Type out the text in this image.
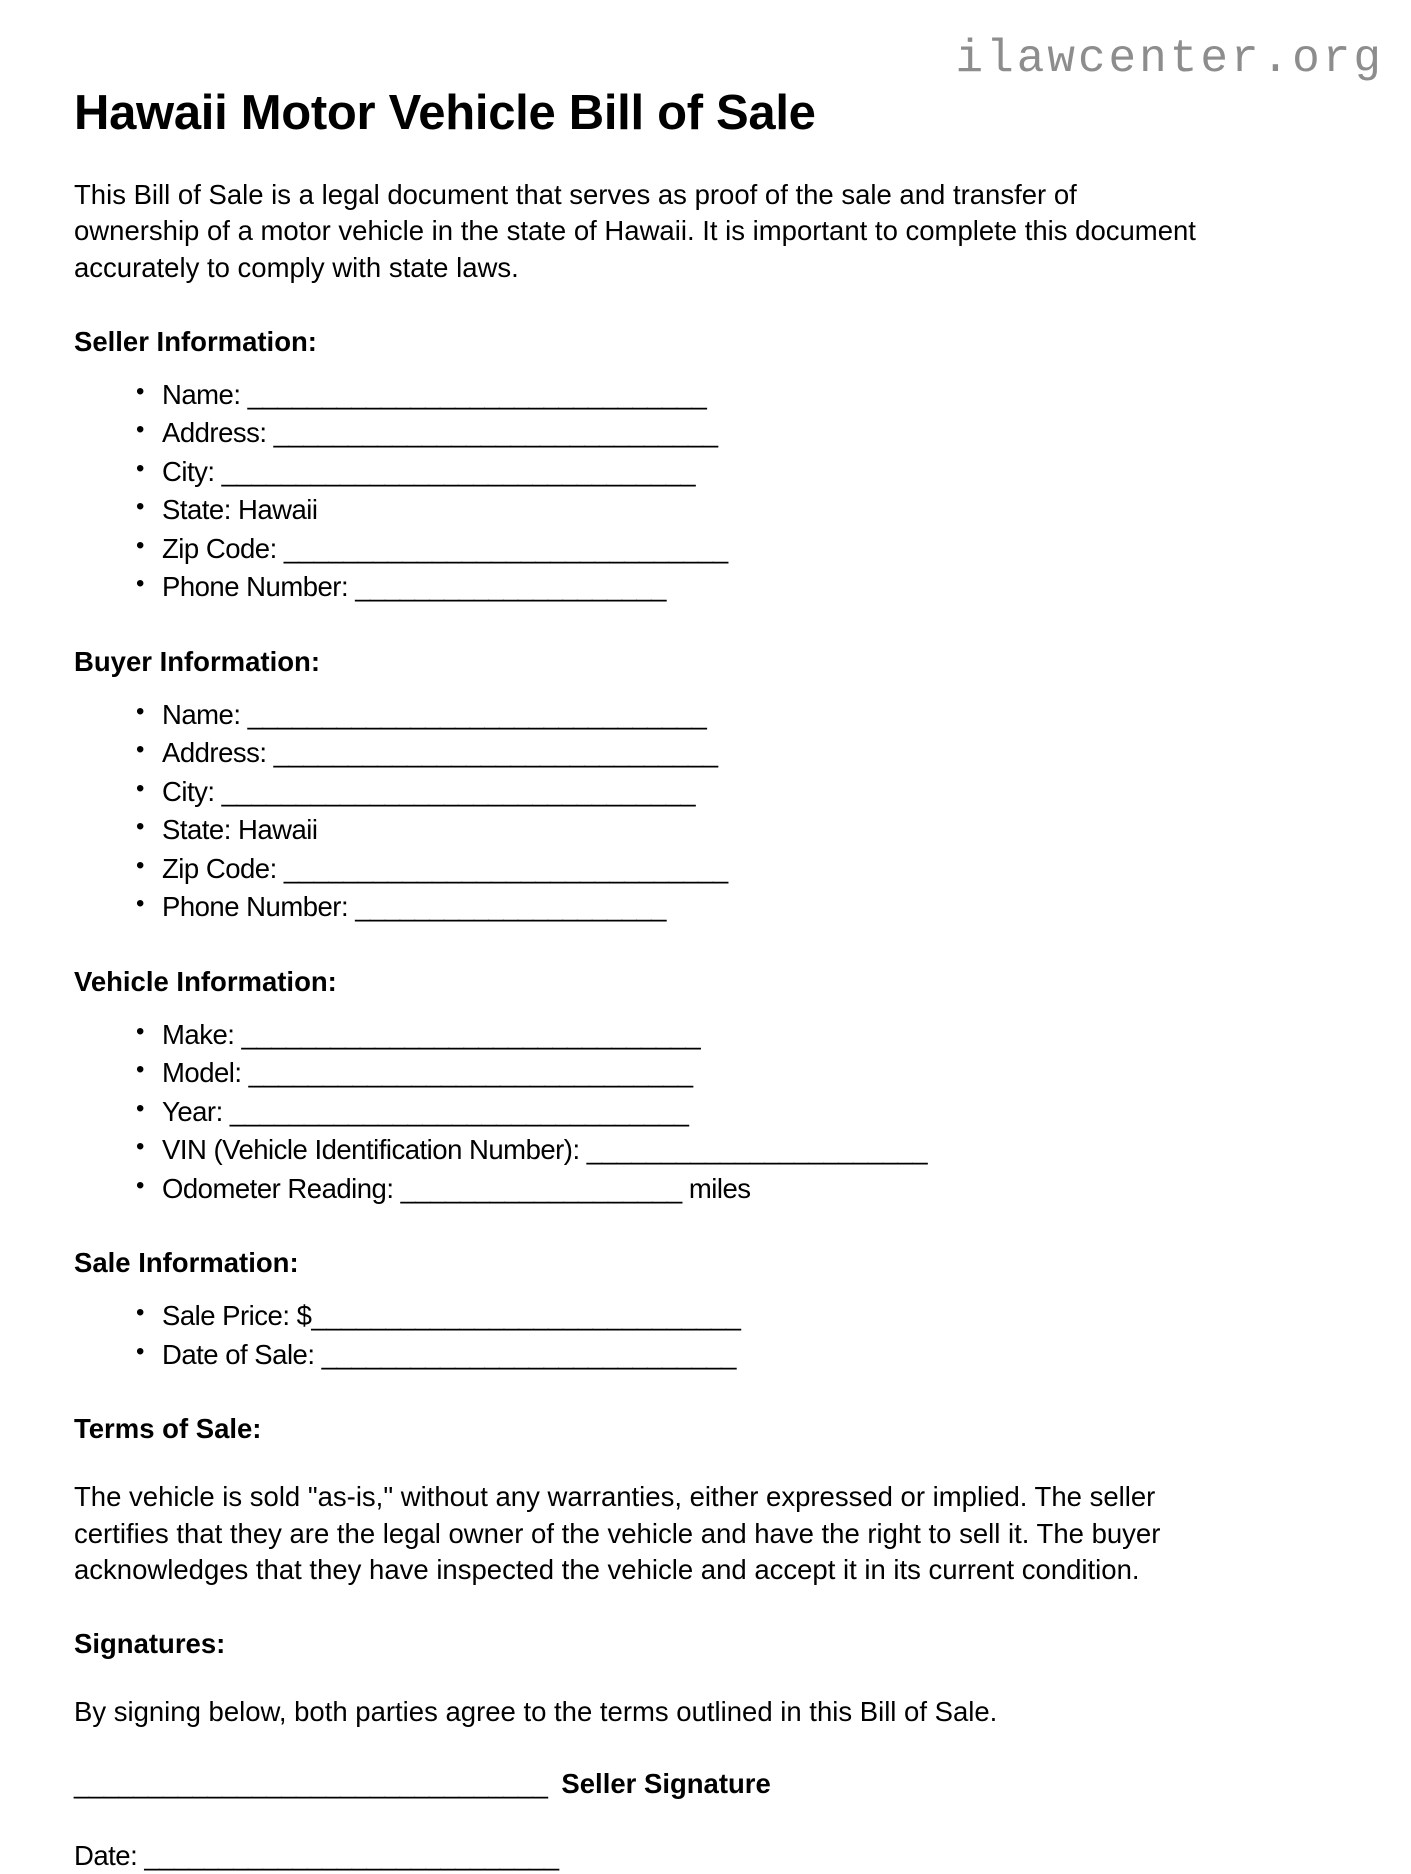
ilawcenter.org
Hawaii Motor Vehicle Bill of Sale

This Bill of Sale is a legal document that serves as proof of the sale and transfer of ownership of a motor vehicle in the state of Hawaii. It is important to complete this document accurately to comply with state laws.

Seller Information:
• Name: _______________________________
• Address: ______________________________
• City: ________________________________
• State: Hawaii
• Zip Code: ______________________________
• Phone Number: _____________________
Buyer Information:
• Name: _______________________________
• Address: ______________________________
• City: ________________________________
• State: Hawaii
• Zip Code: ______________________________
• Phone Number: _____________________
Vehicle Information:
• Make: _______________________________
• Model: ______________________________
• Year: _______________________________
• VIN (Vehicle Identification Number): _______________________
• Odometer Reading: ___________________ miles
Sale Information:
• Sale Price: $_____________________________
• Date of Sale: ____________________________
Terms of Sale:

The vehicle is sold "as-is," without any warranties, either expressed or implied. The seller certifies that they are the legal owner of the vehicle and have the right to sell it. The buyer acknowledges that they have inspected the vehicle and accept it in its current condition.

Signatures:

By signing below, both parties agree to the terms outlined in this Bill of Sale.

________________________________ Seller Signature
Date: ____________________________
